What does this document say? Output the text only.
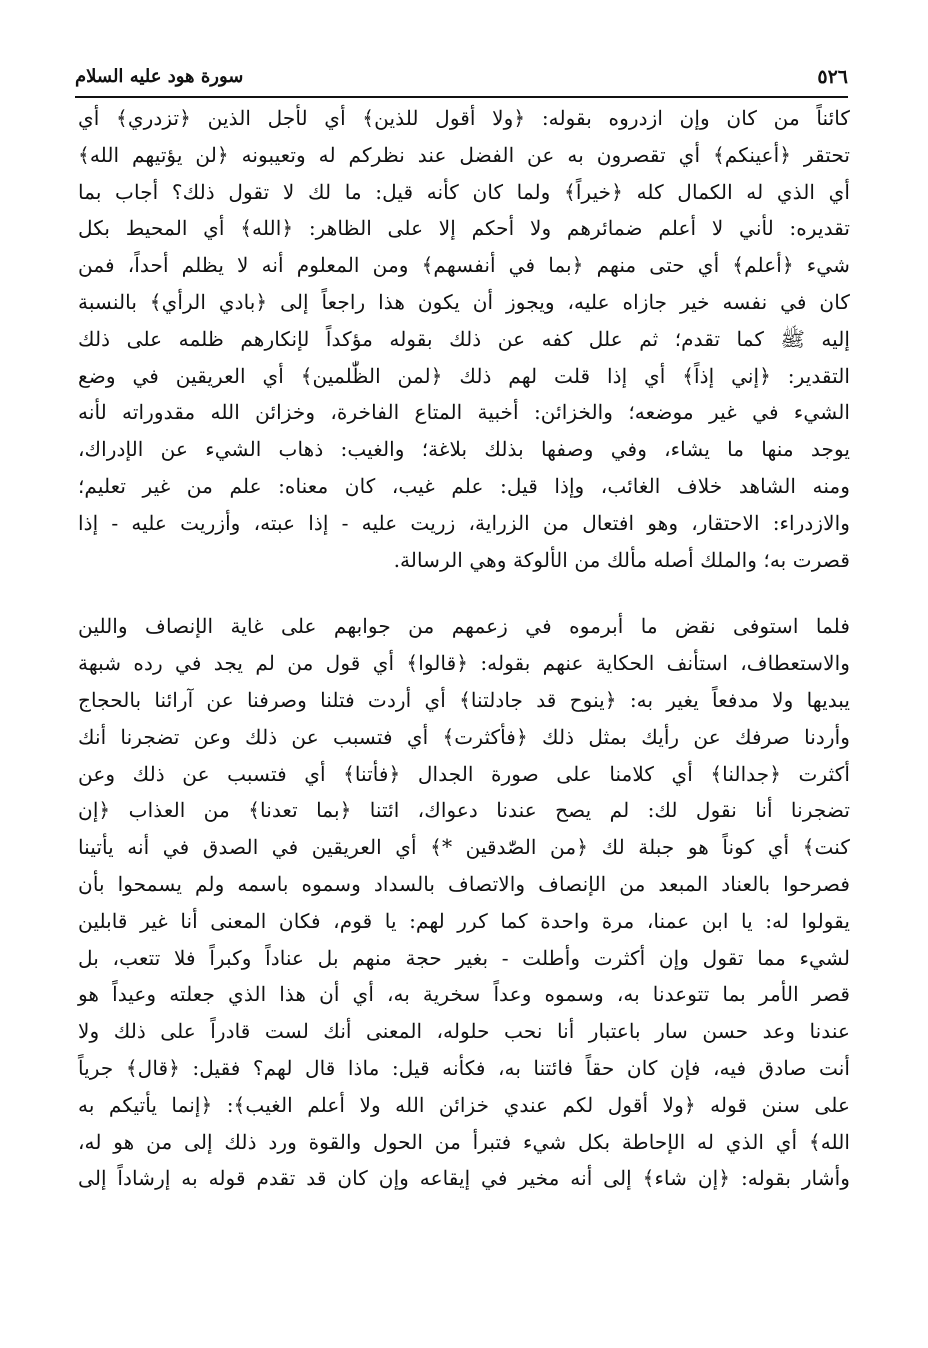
٥٢٦
سورة هود عليه السلام

كائناً من كان وإن ازدروه بقوله: ﴿ولا أقول للذين﴾ أي لأجل الذين ﴿تزدري﴾ أي

تحتقر ﴿أعينكم﴾ أي تقصرون به عن الفضل عند نظركم له وتعيبونه ﴿لن يؤتيهم الله﴾

أي الذي له الكمال كله ﴿خيراً﴾ ولما كان كأنه قيل: ما لك لا تقول ذلك؟ أجاب بما

تقديره: لأني لا أعلم ضمائرهم ولا أحكم إلا على الظاهر: ﴿الله﴾ أي المحيط بكل

شيء ﴿أعلم﴾ أي حتى منهم ﴿بما في أنفسهم﴾ ومن المعلوم أنه لا يظلم أحداً، فمن

كان في نفسه خير جازاه عليه، ويجوز أن يكون هذا راجعاً إلى ﴿بادي الرأي﴾ بالنسبة

إليه ﷺ كما تقدم؛ ثم علل كفه عن ذلك بقوله مؤكداً لإنكارهم ظلمه على ذلك

التقدير: ﴿إني إذاً﴾ أي إذا قلت لهم ذلك ﴿لمن الظّٰلمين﴾ أي العريقين في وضع

الشيء في غير موضعه؛ والخزائن: أخبية المتاع الفاخرة، وخزائن الله مقدوراته لأنه

يوجد منها ما يشاء، وفي وصفها بذلك بلاغة؛ والغيب: ذهاب الشيء عن الإدراك،

ومنه الشاهد خلاف الغائب، وإذا قيل: علم غيب، كان معناه: علم من غير تعليم؛

والازدراء: الاحتقار، وهو افتعال من الزراية، زريت عليه - إذا عبته، وأزريت عليه - إذا

قصرت به؛ والملك أصله مألك من الألوكة وهي الرسالة.

فلما استوفى نقض ما أبرموه في زعمهم من جوابهم على غاية الإنصاف واللين

والاستعطاف، استأنف الحكاية عنهم بقوله: ﴿قالوا﴾ أي قول من لم يجد في رده شبهة

يبديها ولا مدفعاً يغير به: ﴿ينوح قد جادلتنا﴾ أي أردت فتلنا وصرفنا عن آرائنا بالحجاج

وأردنا صرفك عن رأيك بمثل ذلك ﴿فأكثرت﴾ أي فتسبب عن ذلك وعن تضجرنا أنك

أكثرت ﴿جدالنا﴾ أي كلامنا على صورة الجدال ﴿فأتنا﴾ أي فتسبب عن ذلك وعن

تضجرنا أنا نقول لك: لم يصح عندنا دعواك، ائتنا ﴿بما تعدنا﴾ من العذاب ﴿إن

كنت﴾ أي كوناً هو جبلة لك ﴿من الصّٰدقين *﴾ أي العريقين في الصدق في أنه يأتينا

فصرحوا بالعناد المبعد من الإنصاف والاتصاف بالسداد وسموه باسمه ولم يسمحوا بأن

يقولوا له: يا ابن عمنا، مرة واحدة كما كرر لهم: يا قوم، فكان المعنى أنا غير قابلين

لشيء مما تقول وإن أكثرت وأطلت - بغير حجة منهم بل عناداً وكبراً فلا تتعب، بل

قصر الأمر بما تتوعدنا به، وسموه وعداً سخرية به، أي أن هذا الذي جعلته وعيداً هو

عندنا وعد حسن سار باعتبار أنا نحب حلوله، المعنى أنك لست قادراً على ذلك ولا

أنت صادق فيه، فإن كان حقاً فائتنا به، فكأنه قيل: ماذا قال لهم؟ فقيل: ﴿قال﴾ جرياً

على سنن قوله ﴿ولا أقول لكم عندي خزائن الله ولا أعلم الغيب﴾: ﴿إنما يأتيكم به

الله﴾ أي الذي له الإحاطة بكل شيء فتبرأ من الحول والقوة ورد ذلك إلى من هو له،

وأشار بقوله: ﴿إن شاء﴾ إلى أنه مخير في إيقاعه وإن كان قد تقدم قوله به إرشاداً إلى
